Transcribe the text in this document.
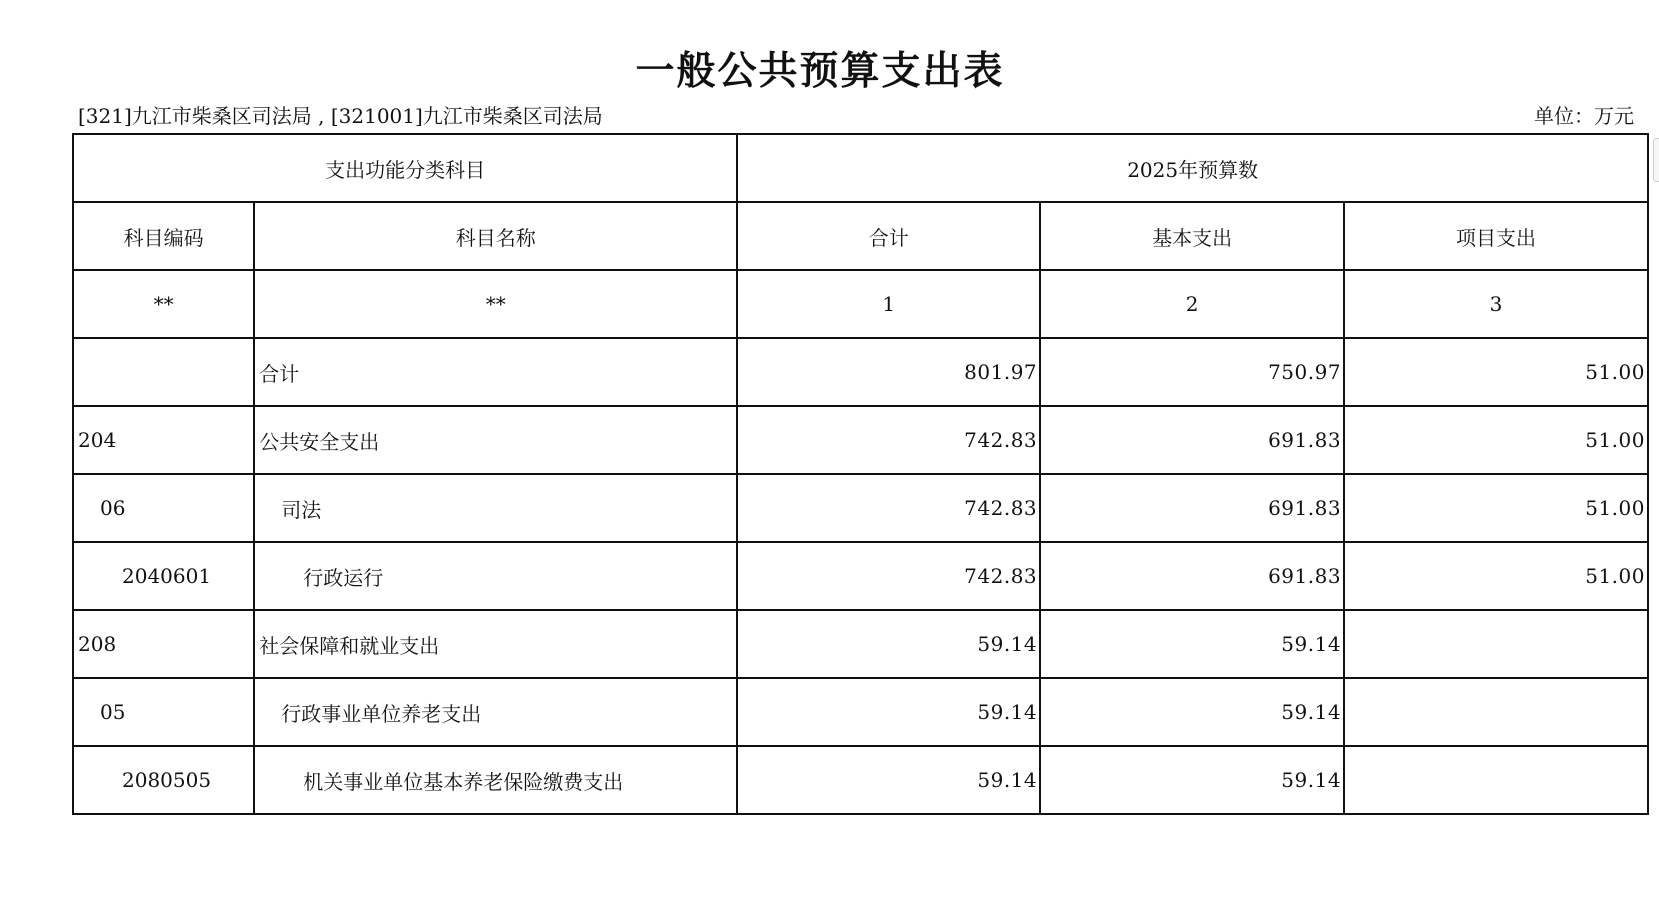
一般公共预算支出表
[321]九江市柴桑区司法局 , [321001]九江市柴桑区司法局	单位：万元
支出功能分类科目		2025年预算数		
科目编码	科目名称	合计	基本支出	项目支出
**	**	1	2	3
	合计	801.97	750.97	51.00
204	公共安全支出	742.83	691.83	51.00
06	司法	742.83	691.83	51.00
2040601	行政运行	742.83	691.83	51.00
208	社会保障和就业支出	59.14	59.14	
05	行政事业单位养老支出	59.14	59.14	
2080505	机关事业单位基本养老保险缴费支出	59.14	59.14	
